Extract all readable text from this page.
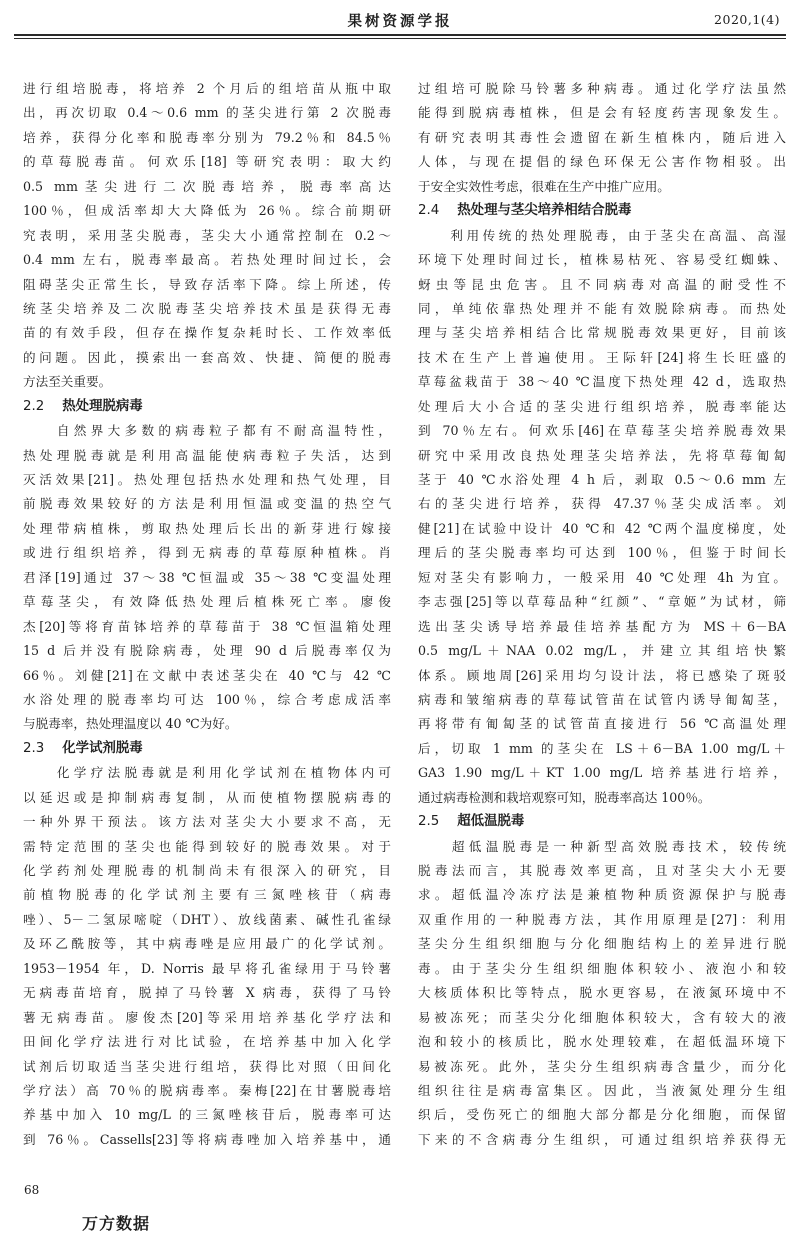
果树资源学报	2020,1(4)

进行组培脱毒，将培养 2 个月后的组培苗从瓶中取

出，再次切取 0.4～0.6 mm 的茎尖进行第 2 次脱毒

培养，获得分化率和脱毒率分别为 79.2％和 84.5％

的草莓脱毒苗。何欢乐[18] 等研究表明：取大约

0.5 mm茎尖进行二次脱毒培养，脱毒率高达

100％，但成活率却大大降低为 26％。综合前期研

究表明，采用茎尖脱毒，茎尖大小通常控制在 0.2～

0.4 mm 左右，脱毒率最高。若热处理时间过长，会

阻碍茎尖正常生长，导致存活率下降。综上所述，传

统茎尖培养及二次脱毒茎尖培养技术虽是获得无毒

苗的有效手段，但存在操作复杂耗时长、工作效率低

的问题。因此，摸索出一套高效、快捷、简便的脱毒

方法至关重要。

2.2 热处理脱病毒

　　自然界大多数的病毒粒子都有不耐高温特性，

热处理脱毒就是利用高温能使病毒粒子失活，达到

灭活效果[21]。热处理包括热水处理和热气处理，目

前脱毒效果较好的方法是利用恒温或变温的热空气

处理带病植株，剪取热处理后长出的新芽进行嫁接

或进行组织培养，得到无病毒的草莓原种植株。肖

君泽[19]通过 37～38 ℃恒温或 35～38 ℃变温处理

草莓茎尖，有效降低热处理后植株死亡率。廖俊

杰[20]等将育苗钵培养的草莓苗于 38 ℃恒温箱处理

15 d 后并没有脱除病毒，处理 90 d 后脱毒率仅为

66％。刘健[21]在文献中表述茎尖在 40 ℃与 42 ℃

水浴处理的脱毒率均可达 100％，综合考虑成活率

与脱毒率，热处理温度以 40 ℃为好。

2.3 化学试剂脱毒

　　化学疗法脱毒就是利用化学试剂在植物体内可

以延迟或是抑制病毒复制，从而使植物摆脱病毒的

一种外界干预法。该方法对茎尖大小要求不高，无

需特定范围的茎尖也能得到较好的脱毒效果。对于

化学药剂处理脱毒的机制尚未有很深入的研究，目

前植物脱毒的化学试剂主要有三氮唑核苷（病毒

唑）、5－二氢尿嘧啶（DHT）、放线菌素、碱性孔雀绿

及环乙酰胺等，其中病毒唑是应用最广的化学试剂。

1953－1954 年，D. Norris 最早将孔雀绿用于马铃薯

无病毒苗培育，脱掉了马铃薯 X 病毒，获得了马铃

薯无病毒苗。廖俊杰[20]等采用培养基化学疗法和

田间化学疗法进行对比试验，在培养基中加入化学

试剂后切取适当茎尖进行组培，获得比对照（田间化

学疗法）高 70％的脱病毒率。秦梅[22]在甘薯脱毒培

养基中加入 10 mg/L 的三氮唑核苷后，脱毒率可达

到 76％。Cassells[23]等将病毒唑加入培养基中，通

过组培可脱除马铃薯多种病毒。通过化学疗法虽然

能得到脱病毒植株，但是会有轻度药害现象发生。

有研究表明其毒性会遗留在新生植株内，随后进入

人体，与现在提倡的绿色环保无公害作物相驳。出

于安全实效性考虑，很难在生产中推广应用。

2.4 热处理与茎尖培养相结合脱毒

　　利用传统的热处理脱毒，由于茎尖在高温、高湿

环境下处理时间过长，植株易枯死、容易受红蜘蛛、

蚜虫等昆虫危害。且不同病毒对高温的耐受性不

同，单纯依靠热处理并不能有效脱除病毒。而热处

理与茎尖培养相结合比常规脱毒效果更好，目前该

技术在生产上普遍使用。王际轩[24]将生长旺盛的

草莓盆栽苗于 38～40 ℃温度下热处理 42 d，选取热

处理后大小合适的茎尖进行组织培养，脱毒率能达

到 70％左右。何欢乐[46]在草莓茎尖培养脱毒效果

研究中采用改良热处理茎尖培养法，先将草莓匍匐

茎于 40 ℃水浴处理 4 h 后，剥取 0.5～0.6 mm 左

右的茎尖进行培养，获得 47.37％茎尖成活率。刘

健[21]在试验中设计 40 ℃和 42 ℃两个温度梯度，处

理后的茎尖脱毒率均可达到 100％，但鉴于时间长

短对茎尖有影响力，一般采用 40 ℃处理 4h 为宜。

李志强[25]等以草莓品种“红颜”、“章姬”为试材，筛

选出茎尖诱导培养最佳培养基配方为 MS＋6－BA

0.5 mg/L＋NAA 0.02 mg/L，并建立其组培快繁

体系。顾地周[26]采用均匀设计法，将已感染了斑驳

病毒和皱缩病毒的草莓试管苗在试管内诱导匍匐茎，

再将带有匍匐茎的试管苗直接进行 56 ℃高温处理

后，切取 1 mm 的茎尖在 LS＋6－BA 1.00 mg/L＋

GA3 1.90 mg/L＋KT 1.00 mg/L 培养基进行培养，

通过病毒检测和栽培观察可知，脱毒率高达 100％。

2.5 超低温脱毒

　　超低温脱毒是一种新型高效脱毒技术，较传统

脱毒法而言，其脱毒效率更高，且对茎尖大小无要

求。超低温冷冻疗法是兼植物种质资源保护与脱毒

双重作用的一种脱毒方法，其作用原理是[27]：利用

茎尖分生组织细胞与分化细胞结构上的差异进行脱

毒。由于茎尖分生组织细胞体积较小、液泡小和较

大核质体积比等特点，脱水更容易，在液氮环境中不

易被冻死；而茎尖分化细胞体积较大，含有较大的液

泡和较小的核质比，脱水处理较难，在超低温环境下

易被冻死。此外，茎尖分生组织病毒含量少，而分化

组织往往是病毒富集区。因此，当液氮处理分生组

织后，受伤死亡的细胞大部分都是分化细胞，而保留

下来的不含病毒分生组织，可通过组织培养获得无

68

万方数据
